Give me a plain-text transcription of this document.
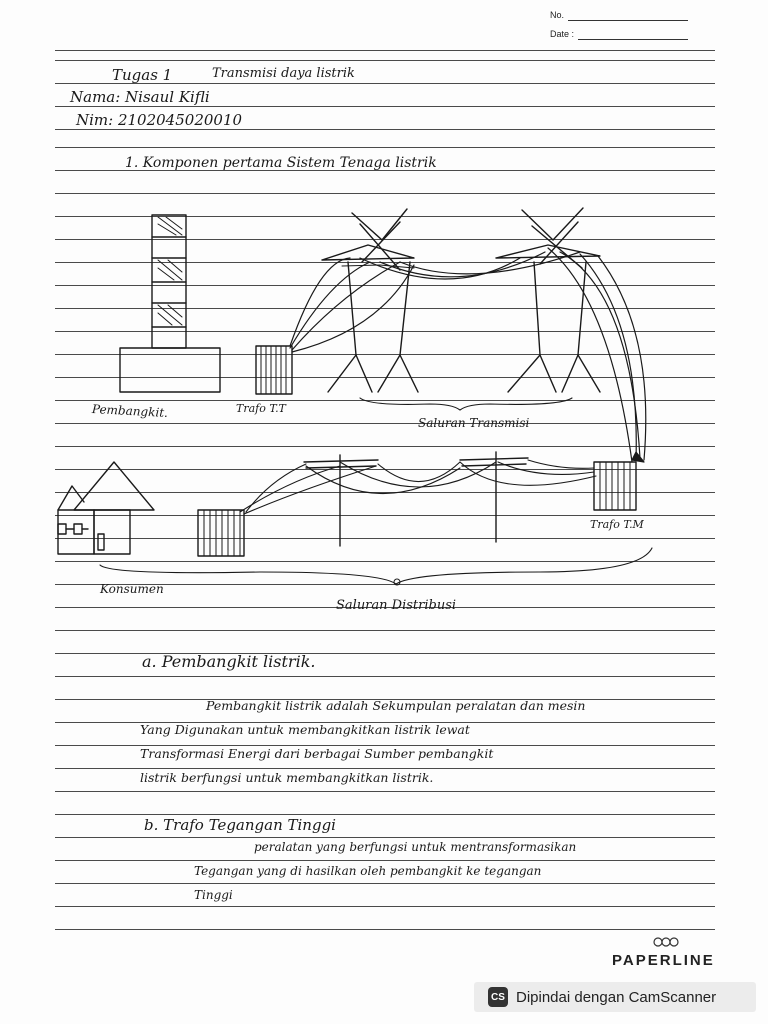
No.
Date :
Tugas 1	Transmisi daya listrik
Nama: Nisaul Kifli
Nim: 2102045020010
1. Komponen pertama Sistem Tenaga listrik
Pembangkit.	Trafo T.T
Saluran Transmisi
Trafo T.M
Konsumen
Saluran Distribusi
a. Pembangkit listrik.
Pembangkit listrik adalah Sekumpulan peralatan dan mesin
Yang Digunakan untuk membangkitkan listrik lewat
Transformasi Energi dari berbagai Sumber pembangkit
listrik berfungsi untuk membangkitkan listrik.
b. Trafo Tegangan Tinggi
peralatan yang berfungsi untuk mentransformasikan
Tegangan yang di hasilkan oleh pembangkit ke tegangan
Tinggi
PAPERLINE
CS Dipindai dengan CamScanner
